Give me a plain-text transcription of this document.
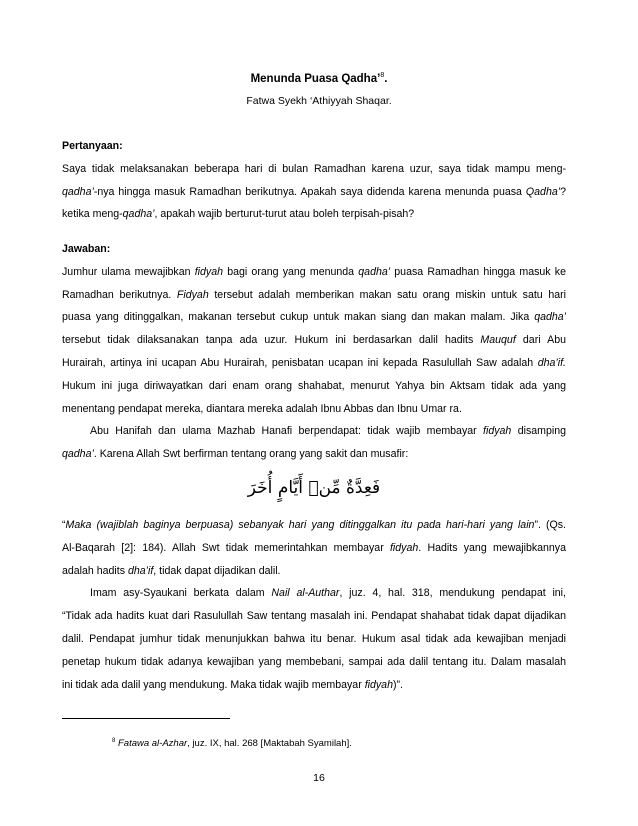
Menunda Puasa Qadha’$^8$.
Fatwa Syekh ‘Athiyyah Shaqar.

Pertanyaan:

Saya tidak melaksanakan beberapa hari di bulan Ramadhan karena uzur, saya tidak mampu meng-

qadha’-nya hingga masuk Ramadhan berikutnya. Apakah saya didenda karena menunda puasa Qadha’?

ketika meng-qadha’, apakah wajib berturut-turut atau boleh terpisah-pisah?

Jawaban:

Jumhur ulama mewajibkan fidyah bagi orang yang menunda qadha’ puasa Ramadhan hingga masuk ke

Ramadhan berikutnya. Fidyah tersebut adalah memberikan makan satu orang miskin untuk satu hari

puasa yang ditinggalkan, makanan tersebut cukup untuk makan siang dan makan malam. Jika qadha’

tersebut tidak dilaksanakan tanpa ada uzur. Hukum ini berdasarkan dalil hadits Mauquf dari Abu

Hurairah, artinya ini ucapan Abu Hurairah, penisbatan ucapan ini kepada Rasulullah Saw adalah dha’if.

Hukum ini juga diriwayatkan dari enam orang shahabat, menurut Yahya bin Aktsam tidak ada yang

menentang pendapat mereka, diantara mereka adalah Ibnu Abbas dan Ibnu Umar ra.

Abu Hanifah dan ulama Mazhab Hanafi berpendapat: tidak wajib membayar fidyah disamping

qadha’. Karena Allah Swt berfirman tentang orang yang sakit dan musafir:

فَعِدَّةٌ مِّنۡ أَيَّامٍ أُخَرَ

“Maka (wajiblah baginya berpuasa) sebanyak hari yang ditinggalkan itu pada hari-hari yang lain”. (Qs.

Al-Baqarah [2]: 184). Allah Swt tidak memerintahkan membayar fidyah. Hadits yang mewajibkannya

adalah hadits dha’if, tidak dapat dijadikan dalil.

Imam asy-Syaukani berkata dalam Nail al-Authar, juz. 4, hal. 318, mendukung pendapat ini,

“Tidak ada hadits kuat dari Rasulullah Saw tentang masalah ini. Pendapat shahabat tidak dapat dijadikan

dalil. Pendapat jumhur tidak menunjukkan bahwa itu benar. Hukum asal tidak ada kewajiban menjadi

penetap hukum tidak adanya kewajiban yang membebani, sampai ada dalil tentang itu. Dalam masalah

ini tidak ada dalil yang mendukung. Maka tidak wajib membayar fidyah)”.

$^8$ Fatawa al-Azhar, juz. IX, hal. 268 [Maktabah Syamilah].
16
